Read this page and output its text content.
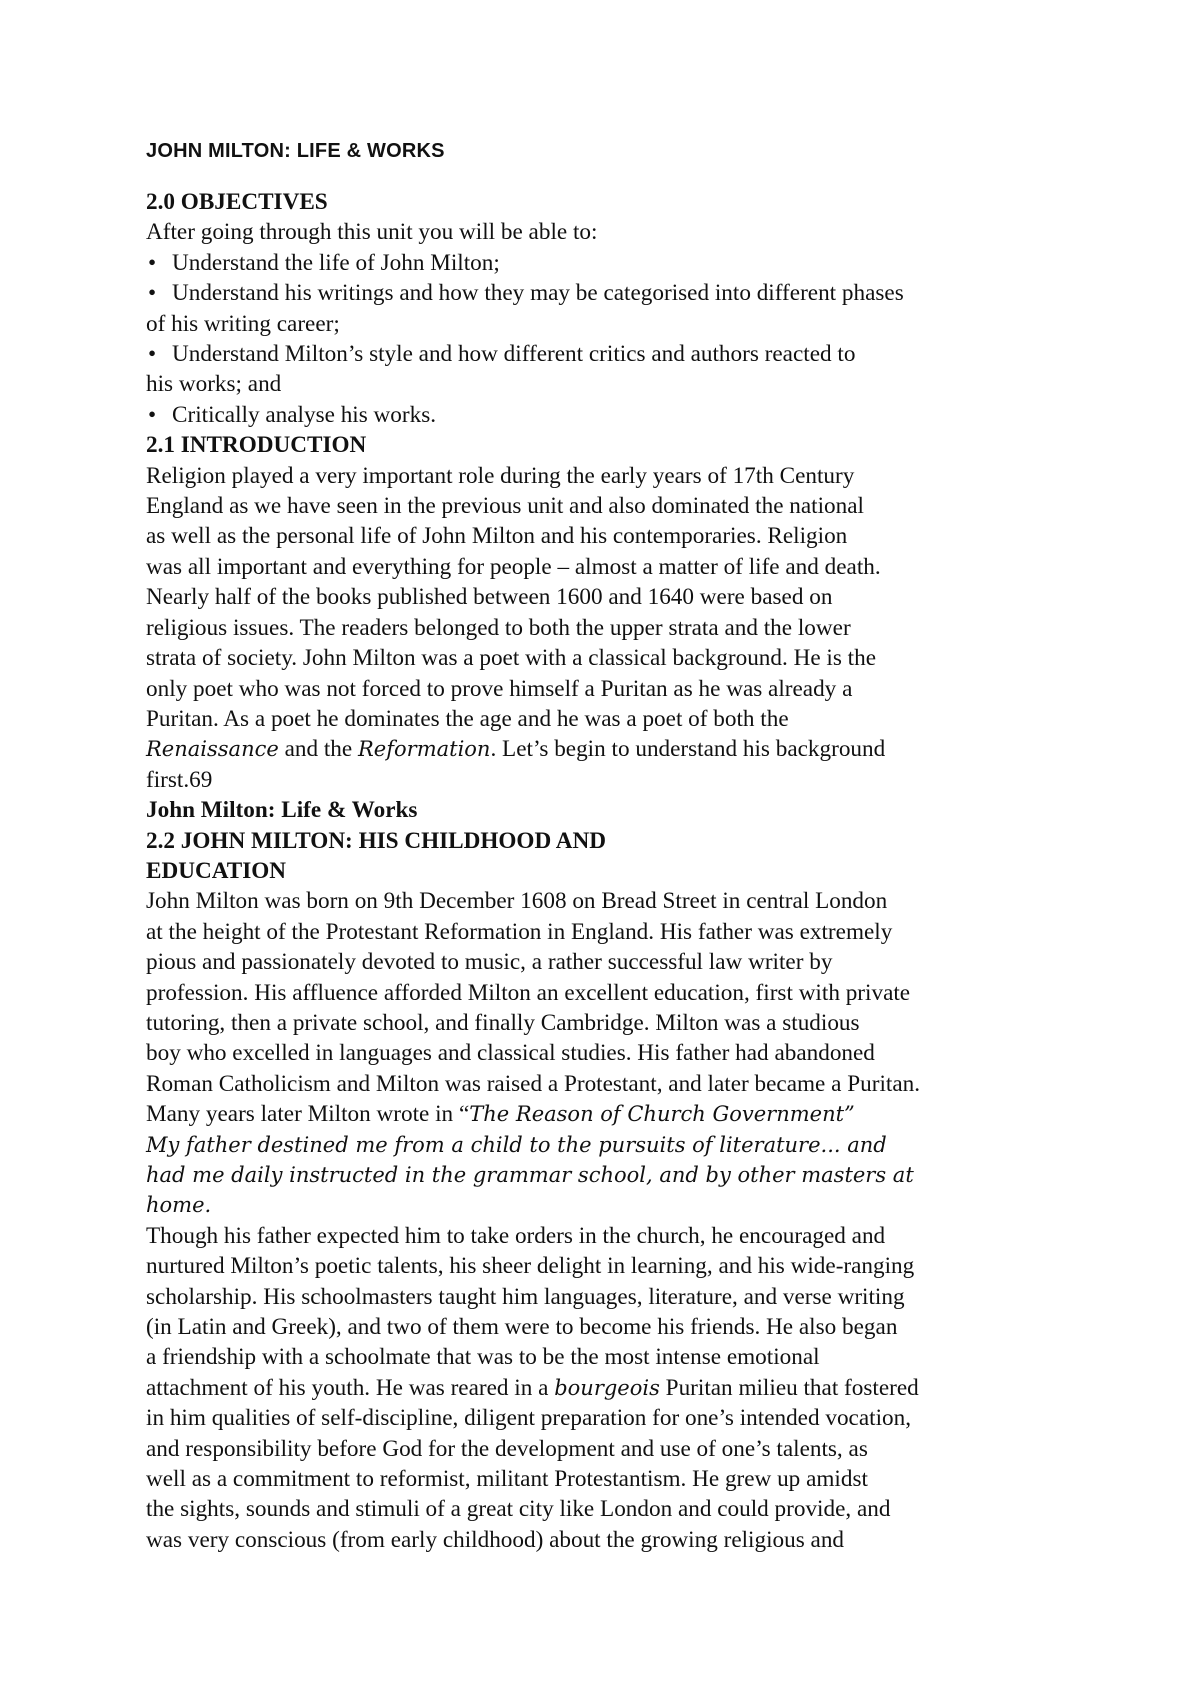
JOHN MILTON: LIFE & WORKS
2.0 OBJECTIVES
After going through this unit you will be able to:
• Understand the life of John Milton;
• Understand his writings and how they may be categorised into different phases
of his writing career;
• Understand Milton’s style and how different critics and authors reacted to
his works; and
• Critically analyse his works.
2.1 INTRODUCTION
Religion played a very important role during the early years of 17th Century
England as we have seen in the previous unit and also dominated the national
as well as the personal life of John Milton and his contemporaries. Religion
was all important and everything for people – almost a matter of life and death.
Nearly half of the books published between 1600 and 1640 were based on
religious issues. The readers belonged to both the upper strata and the lower
strata of society. John Milton was a poet with a classical background. He is the
only poet who was not forced to prove himself a Puritan as he was already a
Puritan. As a poet he dominates the age and he was a poet of both the
Renaissance and the Reformation. Let’s begin to understand his background
first.69
John Milton: Life & Works
2.2 JOHN MILTON: HIS CHILDHOOD AND
EDUCATION
John Milton was born on 9th December 1608 on Bread Street in central London
at the height of the Protestant Reformation in England. His father was extremely
pious and passionately devoted to music, a rather successful law writer by
profession. His affluence afforded Milton an excellent education, first with private
tutoring, then a private school, and finally Cambridge. Milton was a studious
boy who excelled in languages and classical studies. His father had abandoned
Roman Catholicism and Milton was raised a Protestant, and later became a Puritan.
Many years later Milton wrote in “The Reason of Church Government”
My father destined me from a child to the pursuits of literature... and
had me daily instructed in the grammar school, and by other masters at
home.
Though his father expected him to take orders in the church, he encouraged and
nurtured Milton’s poetic talents, his sheer delight in learning, and his wide-ranging
scholarship. His schoolmasters taught him languages, literature, and verse writing
(in Latin and Greek), and two of them were to become his friends. He also began
a friendship with a schoolmate that was to be the most intense emotional
attachment of his youth. He was reared in a bourgeois Puritan milieu that fostered
in him qualities of self-discipline, diligent preparation for one’s intended vocation,
and responsibility before God for the development and use of one’s talents, as
well as a commitment to reformist, militant Protestantism. He grew up amidst
the sights, sounds and stimuli of a great city like London and could provide, and
was very conscious (from early childhood) about the growing religious and
